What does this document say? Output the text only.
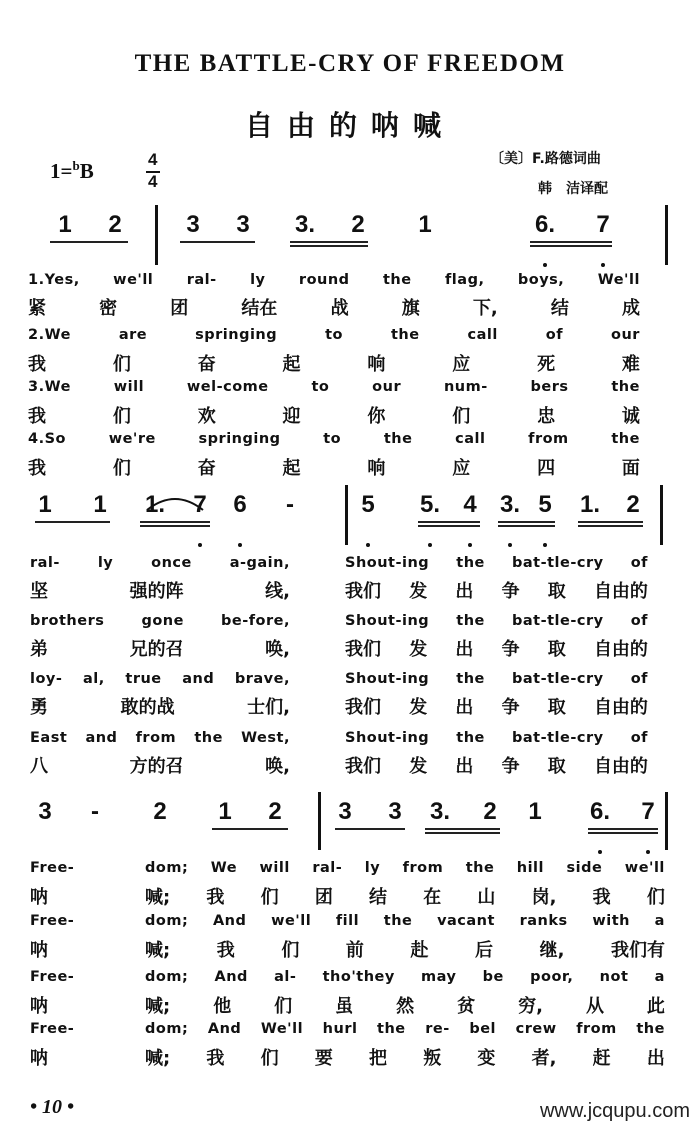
THE BATTLE-CRY OF FREEDOM
自由的呐喊
1=$^b$B	4
4
〔美〕F.路德词曲
韩　洁译配
1 2	3 3 3. 2 1	6. 7
1.Yes, we'll ral- ly round the flag, boys, We'll
紧	密	团	结在	战	旗	下,	结	成
2.We	are	springing	to	the	call	of	our
我	们	奋	起	响	应	死	难
3.We	will	wel-come	to	our	num-	bers	the
我	们	欢	迎	你	们	忠	诚
4.So	we're	springing	to	the	call	from	the
我	们	奋	起	响	应	四	面
1 1 1. 7 6 -	5 5. 4 3. 5 1. 2
ral-	ly	once	a-gain,	Shout-ing the bat-tle-cry of
坚	强的阵	线,	我们 发 出 争 取 自由的
brothers	gone	be-fore,	Shout-ing the bat-tle-cry of
弟	兄的召	唤,	我们 发 出 争 取 自由的
loy- al, true and brave,	Shout-ing the bat-tle-cry of
勇	敢的战	士们,	我们 发 出 争 取 自由的
East and from the West,	Shout-ing the bat-tle-cry of
八	方的召	唤,	我们 发 出 争 取 自由的
3 - 2 1 2 3 3 3. 2 1 6. 7
Free-	dom; We will ral- ly from the hill side we'll
呐	喊; 我 们 团 结 在 山 岗, 我 们
Free-	dom; And we'll fill the vacant ranks with a
呐	喊;	我	们	前	赴	后	继,	我们有
Free-	dom; And al- tho'they may be poor, not a
呐	喊; 他 们 虽 然 贫 穷, 从 此
Free-	dom; And We'll hurl the re- bel crew from the
呐	喊; 我 们 要 把 叛 变 者, 赶 出
• 10 •	www.jcqupu.com
